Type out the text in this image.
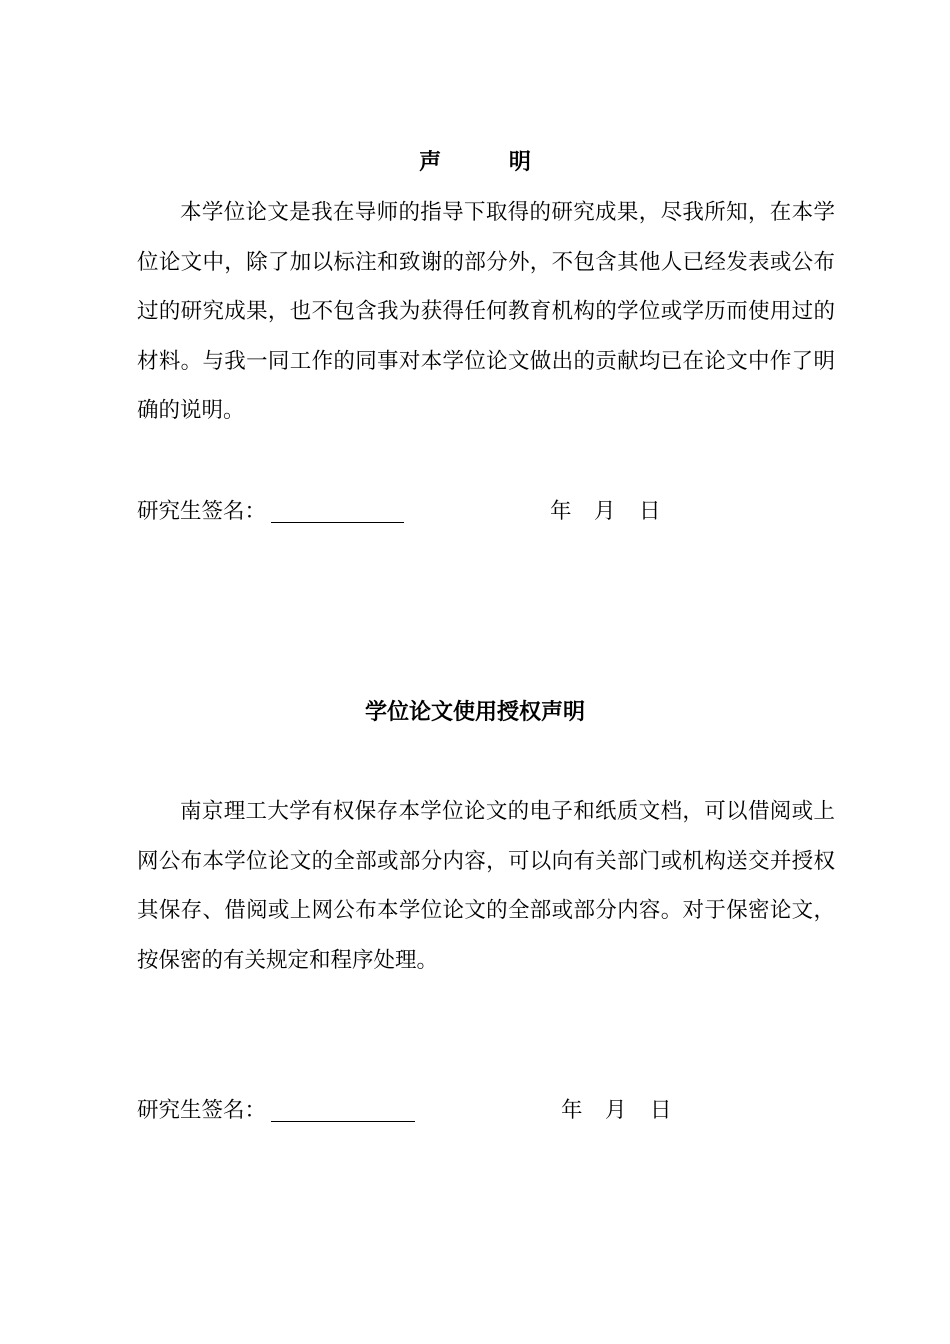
声 明

本学位论文是我在导师的指导下取得的研究成果，尽我所知，在本学位论文中，除了加以标注和致谢的部分外，不包含其他人已经发表或公布过的研究成果，也不包含我为获得任何教育机构的学位或学历而使用过的材料。与我一同工作的同事对本学位论文做出的贡献均已在论文中作了明确的说明。

研究生签名：	年 月 日
学位论文使用授权声明

南京理工大学有权保存本学位论文的电子和纸质文档，可以借阅或上网公布本学位论文的全部或部分内容，可以向有关部门或机构送交并授权其保存、借阅或上网公布本学位论文的全部或部分内容。对于保密论文，按保密的有关规定和程序处理。

研究生签名：	年 月 日
